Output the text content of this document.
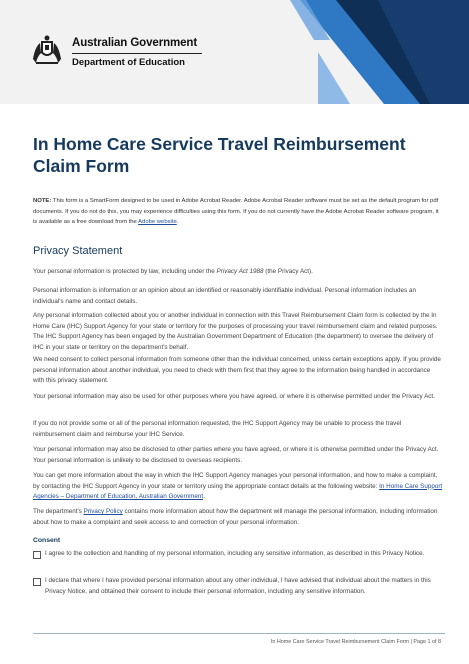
Australian Government
Department of Education
In Home Care Service Travel Reimbursement Claim Form

NOTE: This form is a SmartForm designed to be used in Adobe Acrobat Reader. Adobe Acrobat Reader software must be set as the default program for pdf documents. If you do not do this, you may experience difficulties using this form. If you do not currently have the Adobe Acrobat Reader software program, it is available as a free download from the Adobe website.

Privacy Statement

Your personal information is protected by law, including under the Privacy Act 1988 (the Privacy Act).

Personal information is information or an opinion about an identified or reasonably identifiable individual. Personal information includes an individual's name and contact details.

Any personal information collected about you or another individual in connection with this Travel Reimbursement Claim form is collected by the In Home Care (IHC) Support Agency for your state or territory for the purposes of processing your travel reimbursement claim and related purposes. The IHC Support Agency has been engaged by the Australian Government Department of Education (the department) to oversee the delivery of IHC in your state or territory on the department's behalf.

We need consent to collect personal information from someone other than the individual concerned, unless certain exceptions apply. If you provide personal information about another individual, you need to check with them first that they agree to the information being handled in accordance with this privacy statement.

Your personal information may also be used for other purposes where you have agreed, or where it is otherwise permitted under the Privacy Act.

If you do not provide some or all of the personal information requested, the IHC Support Agency may be unable to process the travel reimbursement claim and reimburse your IHC Service.

Your personal information may also be disclosed to other parties where you have agreed, or where it is otherwise permitted under the Privacy Act. Your personal information is unlikely to be disclosed to overseas recipients.

You can get more information about the way in which the IHC Support Agency manages your personal information, and how to make a complaint, by contacting the IHC Support Agency in your state or territory using the appropriate contact details at the following website: In Home Care Support Agencies – Department of Education, Australian Government.

The department's Privacy Policy contains more information about how the department will manage the personal information, including information about how to make a complaint and seek access to and correction of your personal information.

Consent
I agree to the collection and handling of my personal information, including any sensitive information, as described in this Privacy Notice.
I declare that where I have provided personal information about any other individual, I have advised that individual about the matters in this Privacy Notice, and obtained their consent to include their personal information, including any sensitive information.
In Home Care Service Travel Reimbursement Claim Form | Page 1 of 8
